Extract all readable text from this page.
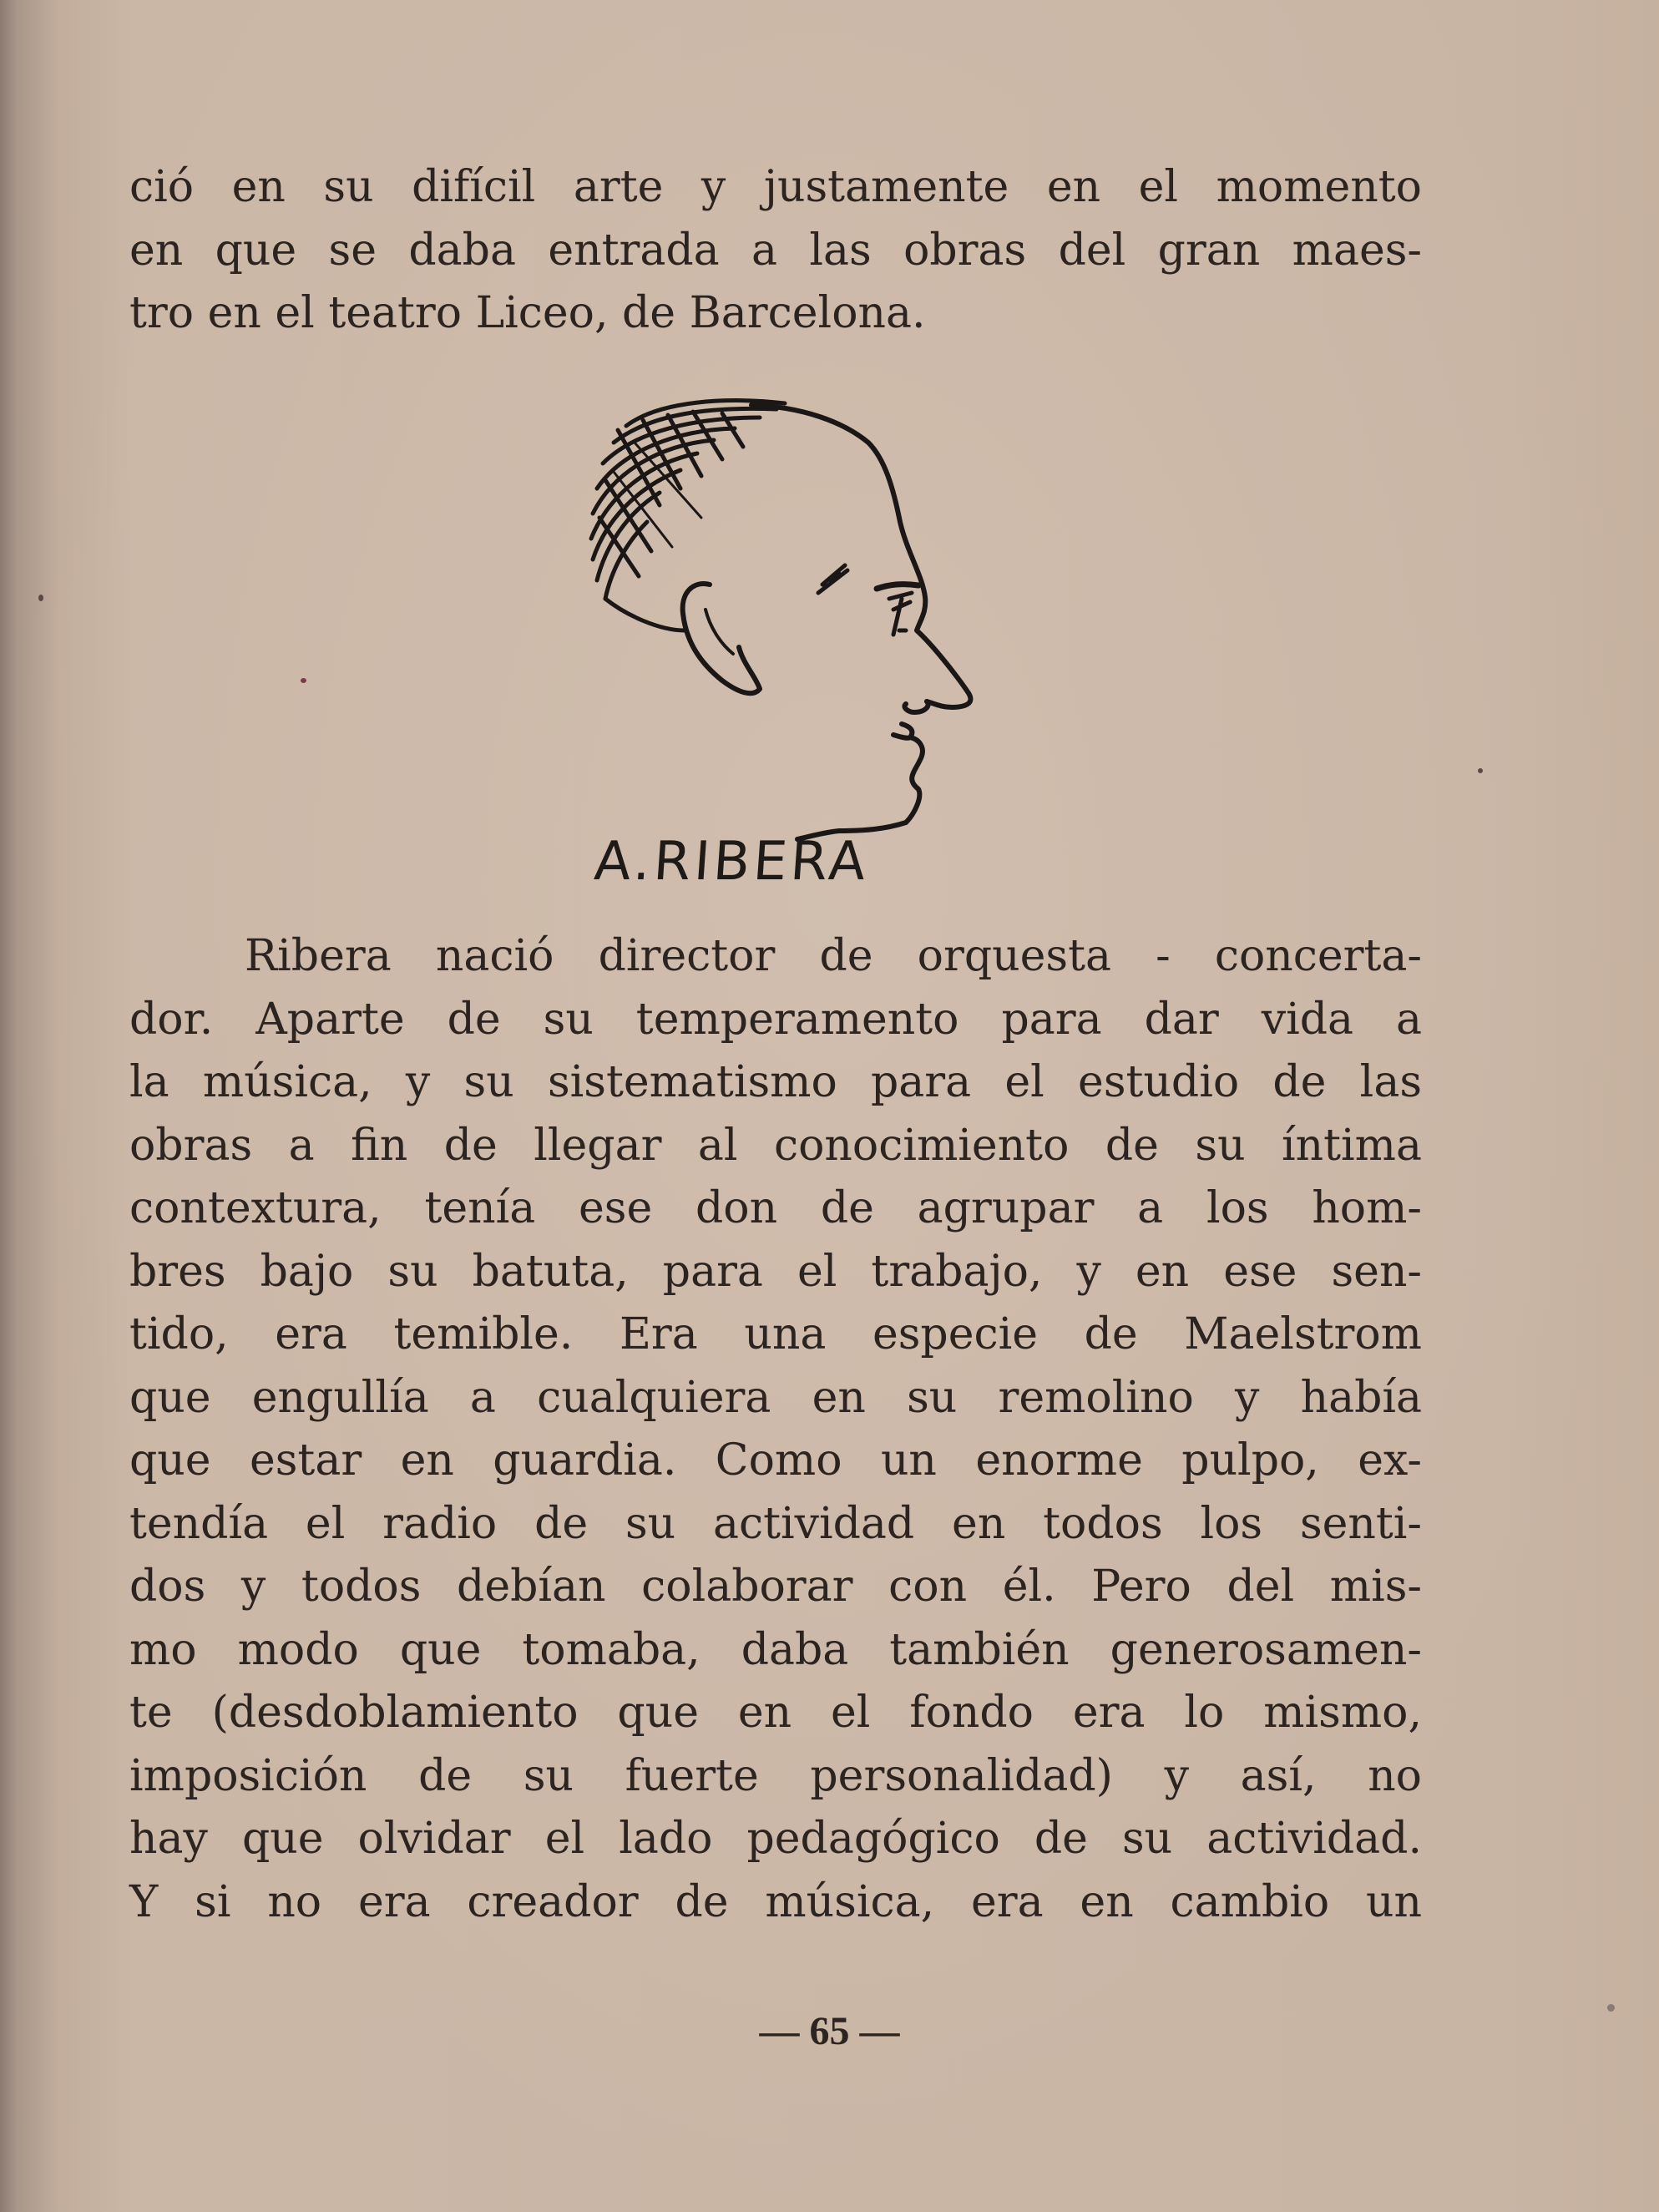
ció en su difícil arte y justamente en el momento
en que se daba entrada a las obras del gran maes-
tro en el teatro Liceo, de Barcelona.

A.RIBERA

Ribera nació director de orquesta - concerta-
dor. Aparte de su temperamento para dar vida a
la música, y su sistematismo para el estudio de las
obras a fin de llegar al conocimiento de su íntima
contextura, tenía ese don de agrupar a los hom-
bres bajo su batuta, para el trabajo, y en ese sen-
tido, era temible. Era una especie de Maelstrom
que engullía a cualquiera en su remolino y había
que estar en guardia. Como un enorme pulpo, ex-
tendía el radio de su actividad en todos los senti-
dos y todos debían colaborar con él. Pero del mis-
mo modo que tomaba, daba también generosamen-
te (desdoblamiento que en el fondo era lo mismo,
imposición de su fuerte personalidad) y así, no
hay que olvidar el lado pedagógico de su actividad.
Y si no era creador de música, era en cambio un

— 65 —
